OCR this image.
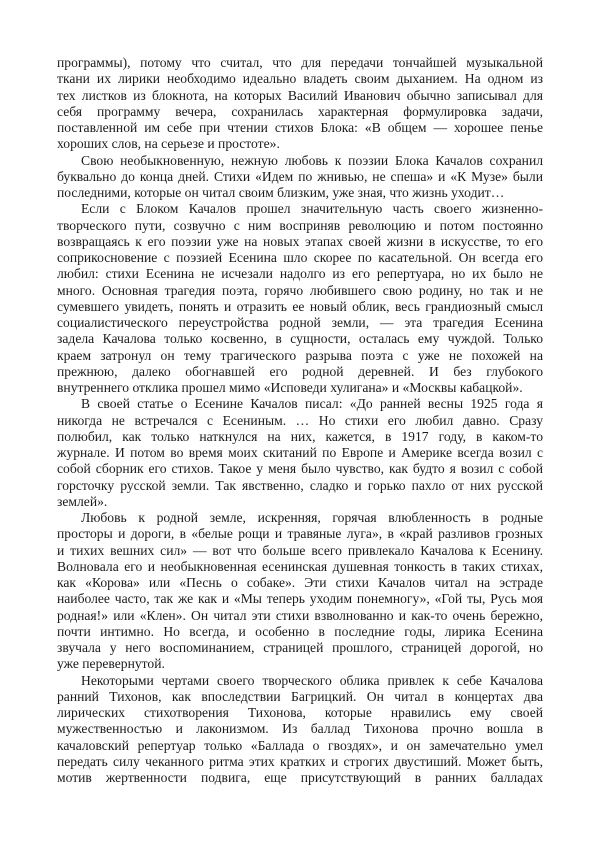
программы), потому что считал, что для передачи тончайшей музыкальной
ткани их лирики необходимо идеально владеть своим дыханием. На одном из
тех листков из блокнота, на которых Василий Иванович обычно записывал для
себя программу вечера, сохранилась характерная формулировка задачи,
поставленной им себе при чтении стихов Блока: «В общем — хорошее пенье
хороших слов, на серьезе и простоте».
Свою необыкновенную, нежную любовь к поэзии Блока Качалов сохранил
буквально до конца дней. Стихи «Идем по жнивью, не спеша» и «К Музе» были
последними, которые он читал своим близким, уже зная, что жизнь уходит…
Если с Блоком Качалов прошел значительную часть своего жизненно-
творческого пути, созвучно с ним восприняв революцию и потом постоянно
возвращаясь к его поэзии уже на новых этапах своей жизни в искусстве, то его
соприкосновение с поэзией Есенина шло скорее по касательной. Он всегда его
любил: стихи Есенина не исчезали надолго из его репертуара, но их было не
много. Основная трагедия поэта, горячо любившего свою родину, но так и не
сумевшего увидеть, понять и отразить ее новый облик, весь грандиозный смысл
социалистического переустройства родной земли, — эта трагедия Есенина
задела Качалова только косвенно, в сущности, осталась ему чуждой. Только
краем затронул он тему трагического разрыва поэта с уже не похожей на
прежнюю, далеко обогнавшей его родной деревней. И без глубокого
внутреннего отклика прошел мимо «Исповеди хулигана» и «Москвы кабацкой».
В своей статье о Есенине Качалов писал: «До ранней весны 1925 года я
никогда не встречался с Есениным. … Но стихи его любил давно. Сразу
полюбил, как только наткнулся на них, кажется, в 1917 году, в каком-то
журнале. И потом во время моих скитаний по Европе и Америке всегда возил с
собой сборник его стихов. Такое у меня было чувство, как будто я возил с собой
горсточку русской земли. Так явственно, сладко и горько пахло от них русской
землей».
Любовь к родной земле, искренняя, горячая влюбленность в родные
просторы и дороги, в «белые рощи и травяные луга», в «край разливов грозных
и тихих вешних сил» — вот что больше всего привлекало Качалова к Есенину.
Волновала его и необыкновенная есенинская душевная тонкость в таких стихах,
как «Корова» или «Песнь о собаке». Эти стихи Качалов читал на эстраде
наиболее часто, так же как и «Мы теперь уходим понемногу», «Гой ты, Русь моя
родная!» или «Клен». Он читал эти стихи взволнованно и как-то очень бережно,
почти интимно. Но всегда, и особенно в последние годы, лирика Есенина
звучала у него воспоминанием, страницей прошлого, страницей дорогой, но
уже перевернутой.
Некоторыми чертами своего творческого облика привлек к себе Качалова
ранний Тихонов, как впоследствии Багрицкий. Он читал в концертах два
лирических стихотворения Тихонова, которые нравились ему своей
мужественностью и лаконизмом. Из баллад Тихонова прочно вошла в
качаловский репертуар только «Баллада о гвоздях», и он замечательно умел
передать силу чеканного ритма этих кратких и строгих двустиший. Может быть,
мотив жертвенности подвига, еще присутствующий в ранних балладах
